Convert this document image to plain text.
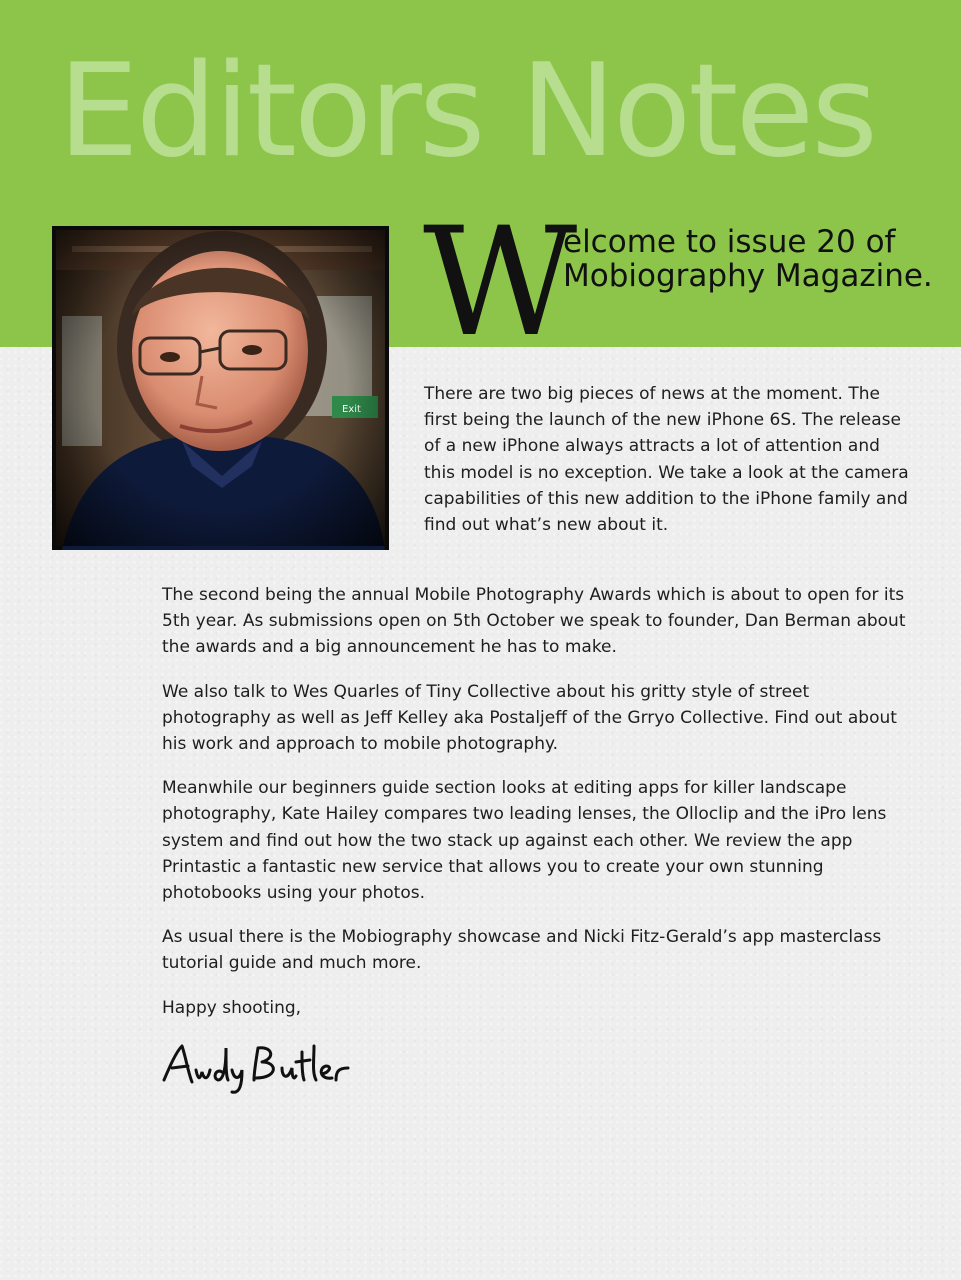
Editors Notes
W
elcome to issue 20 of Mobiography Magazine.

There are two big pieces of news at the moment. The first being the launch of the new iPhone 6S. The release of a new iPhone always attracts a lot of attention and this model is no exception. We take a look at the camera capabilities of this new addition to the iPhone family and find out what’s new about it.

The second being the annual Mobile Photography Awards which is about to open for its 5th year. As submissions open on 5th October we speak to founder, Dan Berman about the awards and a big announcement he has to make.

We also talk to Wes Quarles of Tiny Collective about his gritty style of street photography as well as Jeff Kelley aka Postaljeff of the Grryo Collective. Find out about his work and approach to mobile photography.

Meanwhile our beginners guide section looks at editing apps for killer landscape photography, Kate Hailey compares two leading lenses, the Olloclip and the iPro lens system and find out how the two stack up against each other. We review the app Printastic a fantastic new service that allows you to create your own stunning photobooks using your photos.

As usual there is the Mobiography showcase and Nicki Fitz-Gerald’s app masterclass tutorial guide and much more.

Happy shooting,
